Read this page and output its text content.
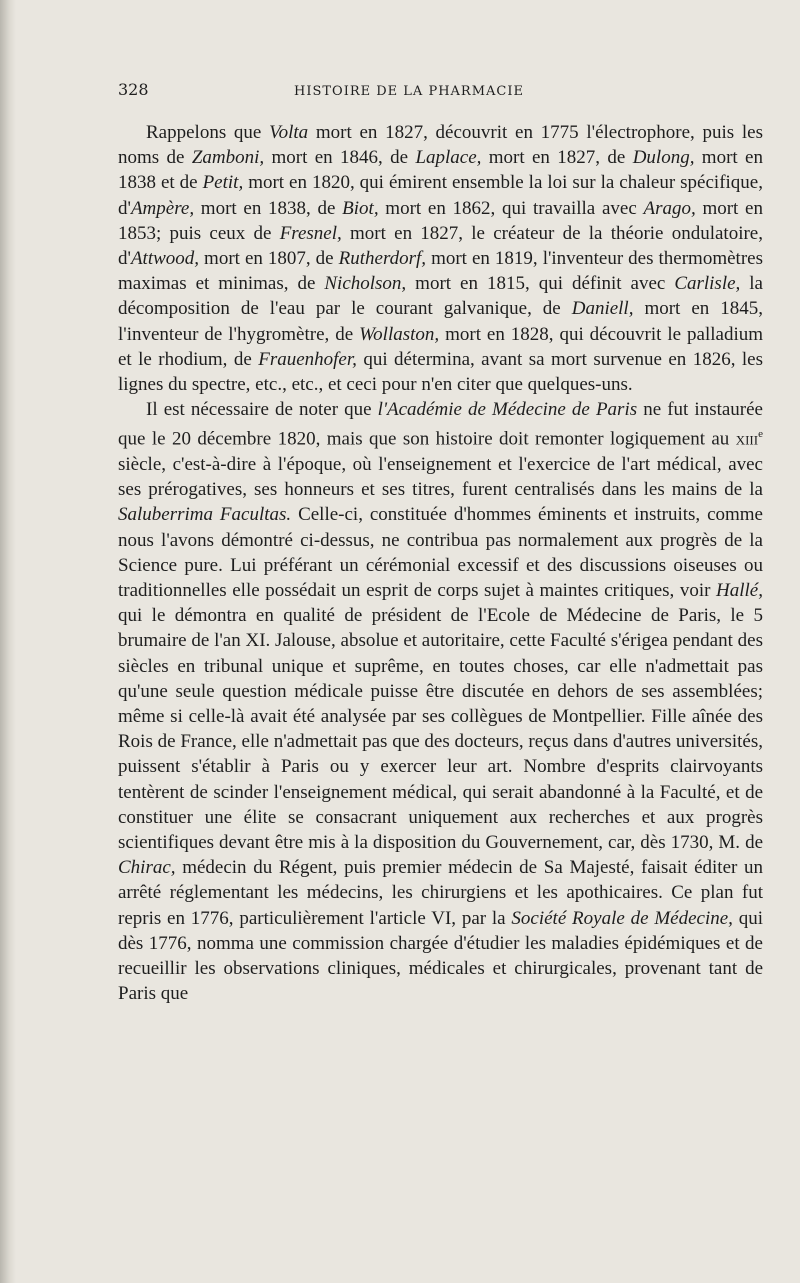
328	HISTOIRE DE LA PHARMACIE

Rappelons que Volta mort en 1827, découvrit en 1775 l'électrophore, puis les noms de Zamboni, mort en 1846, de Laplace, mort en 1827, de Dulong, mort en 1838 et de Petit, mort en 1820, qui émirent ensemble la loi sur la chaleur spécifique, d'Ampère, mort en 1838, de Biot, mort en 1862, qui travailla avec Arago, mort en 1853; puis ceux de Fresnel, mort en 1827, le créateur de la théorie ondulatoire, d'Attwood, mort en 1807, de Rutherdorf, mort en 1819, l'inventeur des thermomètres maximas et minimas, de Nicholson, mort en 1815, qui définit avec Carlisle, la décomposition de l'eau par le courant galvanique, de Daniell, mort en 1845, l'inventeur de l'hygromètre, de Wollaston, mort en 1828, qui découvrit le palladium et le rhodium, de Frauenhofer, qui détermina, avant sa mort survenue en 1826, les lignes du spectre, etc., etc., et ceci pour n'en citer que quelques-uns.

Il est nécessaire de noter que l'Académie de Médecine de Paris ne fut instaurée que le 20 décembre 1820, mais que son histoire doit remonter logiquement au xiii$^e$ siècle, c'est-à-dire à l'époque, où l'enseignement et l'exercice de l'art médical, avec ses prérogatives, ses honneurs et ses titres, furent centralisés dans les mains de la Saluberrima Facultas. Celle-ci, constituée d'hommes éminents et instruits, comme nous l'avons démontré ci-dessus, ne contribua pas normalement aux progrès de la Science pure. Lui préférant un cérémonial excessif et des discussions oiseuses ou traditionnelles elle possédait un esprit de corps sujet à maintes critiques, voir Hallé, qui le démontra en qualité de président de l'Ecole de Médecine de Paris, le 5 brumaire de l'an XI. Jalouse, absolue et autoritaire, cette Faculté s'érigea pendant des siècles en tribunal unique et suprême, en toutes choses, car elle n'admettait pas qu'une seule question médicale puisse être discutée en dehors de ses assemblées; même si celle-là avait été analysée par ses collègues de Montpellier. Fille aînée des Rois de France, elle n'admettait pas que des docteurs, reçus dans d'autres universités, puissent s'établir à Paris ou y exercer leur art. Nombre d'esprits clairvoyants tentèrent de scinder l'enseignement médical, qui serait abandonné à la Faculté, et de constituer une élite se consacrant uniquement aux recherches et aux progrès scientifiques devant être mis à la disposition du Gouvernement, car, dès 1730, M. de Chirac, médecin du Régent, puis premier médecin de Sa Majesté, faisait éditer un arrêté réglementant les médecins, les chirurgiens et les apothicaires. Ce plan fut repris en 1776, particulièrement l'article VI, par la Société Royale de Médecine, qui dès 1776, nomma une commission chargée d'étudier les maladies épidémiques et de recueillir les observations cliniques, médicales et chirurgicales, provenant tant de Paris que
